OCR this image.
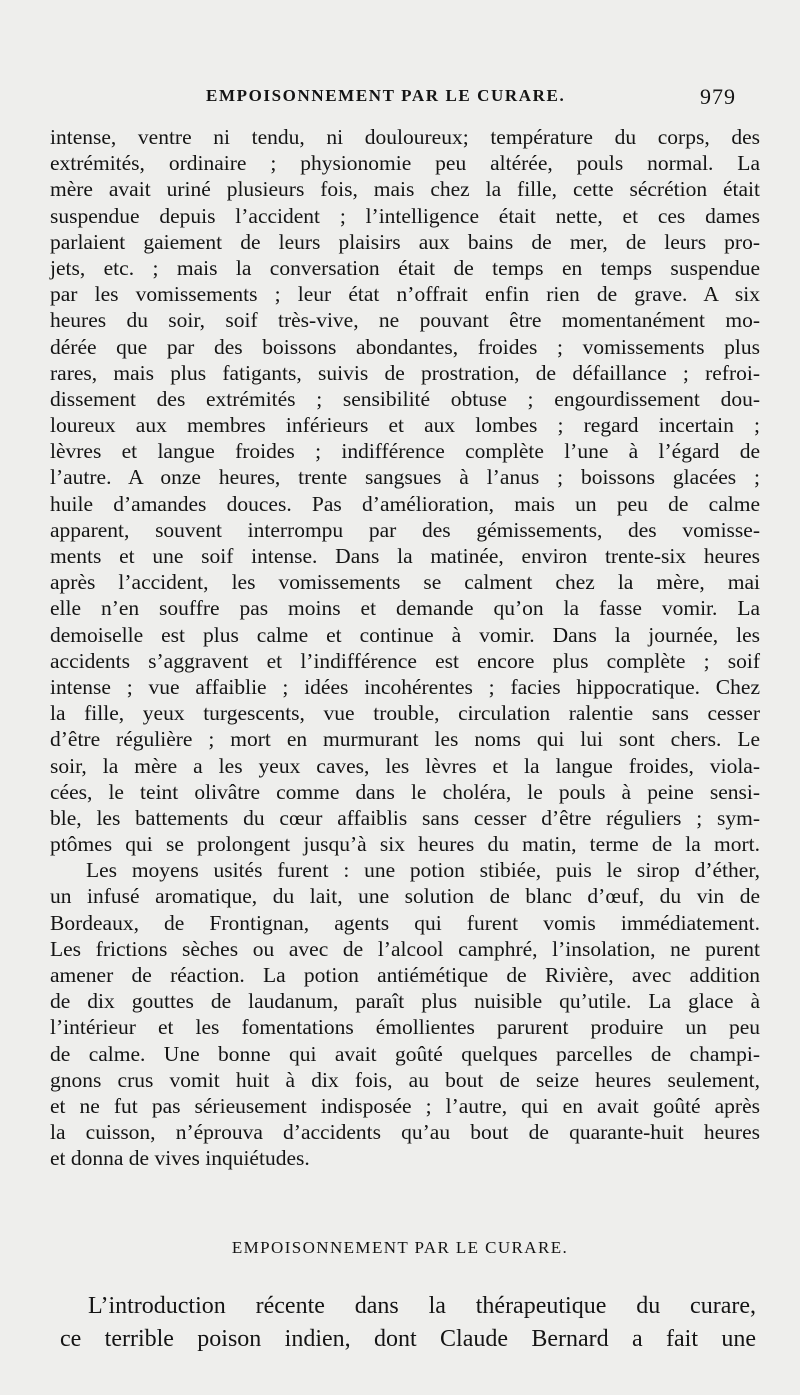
EMPOISONNEMENT PAR LE CURARE.	979
intense, ventre ni tendu, ni douloureux; température du corps, des
extrémités, ordinaire ; physionomie peu altérée, pouls normal. La
mère avait uriné plusieurs fois, mais chez la fille, cette sécrétion était
suspendue depuis l’accident ; l’intelligence était nette, et ces dames
parlaient gaiement de leurs plaisirs aux bains de mer, de leurs pro-
jets, etc. ; mais la conversation était de temps en temps suspendue
par les vomissements ; leur état n’offrait enfin rien de grave. A six
heures du soir, soif très-vive, ne pouvant être momentanément mo-
dérée que par des boissons abondantes, froides ; vomissements plus
rares, mais plus fatigants, suivis de prostration, de défaillance ; refroi-
dissement des extrémités ; sensibilité obtuse ; engourdissement dou-
loureux aux membres inférieurs et aux lombes ; regard incertain ;
lèvres et langue froides ; indifférence complète l’une à l’égard de
l’autre. A onze heures, trente sangsues à l’anus ; boissons glacées ;
huile d’amandes douces. Pas d’amélioration, mais un peu de calme
apparent, souvent interrompu par des gémissements, des vomisse-
ments et une soif intense. Dans la matinée, environ trente-six heures
après l’accident, les vomissements se calment chez la mère, mai
elle n’en souffre pas moins et demande qu’on la fasse vomir. La
demoiselle est plus calme et continue à vomir. Dans la journée, les
accidents s’aggravent et l’indifférence est encore plus complète ; soif
intense ; vue affaiblie ; idées incohérentes ; facies hippocratique. Chez
la fille, yeux turgescents, vue trouble, circulation ralentie sans cesser
d’être régulière ; mort en murmurant les noms qui lui sont chers. Le
soir, la mère a les yeux caves, les lèvres et la langue froides, viola-
cées, le teint olivâtre comme dans le choléra, le pouls à peine sensi-
ble, les battements du cœur affaiblis sans cesser d’être réguliers ; sym-
ptômes qui se prolongent jusqu’à six heures du matin, terme de la mort.
Les moyens usités furent : une potion stibiée, puis le sirop d’éther,
un infusé aromatique, du lait, une solution de blanc d’œuf, du vin de
Bordeaux, de Frontignan, agents qui furent vomis immédiatement.
Les frictions sèches ou avec de l’alcool camphré, l’insolation, ne purent
amener de réaction. La potion antiémétique de Rivière, avec addition
de dix gouttes de laudanum, paraît plus nuisible qu’utile. La glace à
l’intérieur et les fomentations émollientes parurent produire un peu
de calme. Une bonne qui avait goûté quelques parcelles de champi-
gnons crus vomit huit à dix fois, au bout de seize heures seulement,
et ne fut pas sérieusement indisposée ; l’autre, qui en avait goûté après
la cuisson, n’éprouva d’accidents qu’au bout de quarante-huit heures
et donna de vives inquiétudes.
EMPOISONNEMENT PAR LE CURARE.
L’introduction récente dans la thérapeutique du curare,
ce terrible poison indien, dont Claude Bernard a fait une
